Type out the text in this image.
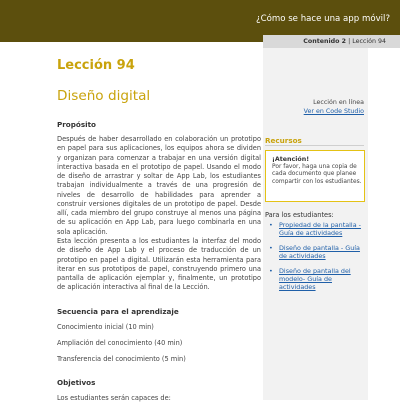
¿Cómo se hace una app móvil?
Contenido 2 | Lección 94
Lección 94
Diseño digital
Propósito

Después de haber desarrollado en colaboración un prototipo en papel para sus aplicaciones, los equipos ahora se dividen y organizan para comenzar a trabajar en una versión digital interactiva basada en el prototipo de papel. Usando el modo de diseño de arrastrar y soltar de App Lab, los estudiantes trabajan individualmente a través de una progresión de niveles de desarrollo de habilidades para aprender a construir versiones digitales de un prototipo de papel. Desde allí, cada miembro del grupo construye al menos una página de su aplicación en App Lab, para luego combinarla en una sola aplicación.

Esta lección presenta a los estudiantes la interfaz del modo de diseño de App Lab y el proceso de traducción de un prototipo en papel a digital. Utilizarán esta herramienta para iterar en sus prototipos de papel, construyendo primero una pantalla de aplicación ejemplar y, finalmente, un prototipo de aplicación interactiva al final de la Lección.

Secuencia para el aprendizaje

Conocimiento inicial (10 min)

Ampliación del conocimiento (40 min)

Transferencia del conocimiento (5 min)

Objetivos

Los estudiantes serán capaces de:

Lección en línea
Ver en Code Studio
Recursos

¡Atención!

Por favor, haga una copia de cada documento que planee compartir con los estudiantes.

Para los estudiantes:
• Propiedad de la pantalla - Guía de actividades
• Diseño de pantalla - Guía de actividades
• Diseño de pantalla del modelo- Guía de actividades
